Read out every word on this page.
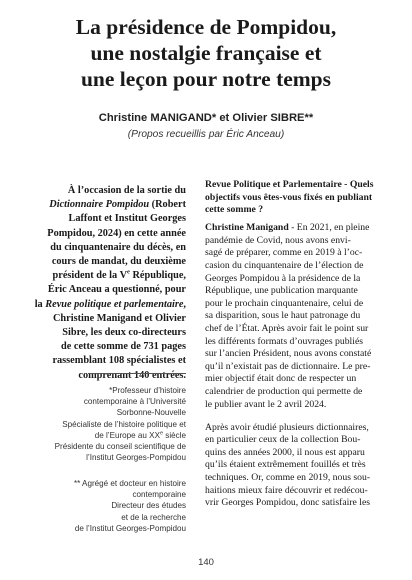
La présidence de Pompidou,
une nostalgie française et
une leçon pour notre temps
Christine MANIGAND* et Olivier SIBRE**
(Propos recueillis par Éric Anceau)
À l’occasion de la sortie du
Dictionnaire Pompidou (Robert
Laffont et Institut Georges
Pompidou, 2024) en cette année
du cinquantenaire du décès, en
cours de mandat, du deuxième
président de la Ve République,
Éric Anceau a questionné, pour
la Revue politique et parlementaire,
Christine Manigand et Olivier
Sibre, les deux co-directeurs
de cette somme de 731 pages
rassemblant 108 spécialistes et
comprenant 140 entrées.
*Professeur d’histoire
contemporaine à l’Université
Sorbonne-Nouvelle
Spécialiste de l’histoire politique et
de l’Europe au XXe siècle
Présidente du conseil scientifique de
l’Institut Georges-Pompidou
** Agrégé et docteur en histoire
contemporaine
Directeur des études
et de la recherche
de l’Institut Georges-Pompidou
Revue Politique et Parlementaire - Quels
objectifs vous êtes-vous fixés en publiant
cette somme ?
Christine Manigand - En 2021, en pleine
pandémie de Covid, nous avons envi-
sagé de préparer, comme en 2019 à l’oc-
casion du cinquantenaire de l’élection de
Georges Pompidou à la présidence de la
République, une publication marquante
pour le prochain cinquantenaire, celui de
sa disparition, sous le haut patronage du
chef de l’État. Après avoir fait le point sur
les différents formats d’ouvrages publiés
sur l’ancien Président, nous avons constaté
qu’il n’existait pas de dictionnaire. Le pre-
mier objectif était donc de respecter un
calendrier de production qui permette de
le publier avant le 2 avril 2024.
Après avoir étudié plusieurs dictionnaires,
en particulier ceux de la collection Bou-
quins des années 2000, il nous est apparu
qu’ils étaient extrêmement fouillés et très
techniques. Or, comme en 2019, nous sou-
haitions mieux faire découvrir et redécou-
vrir Georges Pompidou, donc satisfaire les
140
